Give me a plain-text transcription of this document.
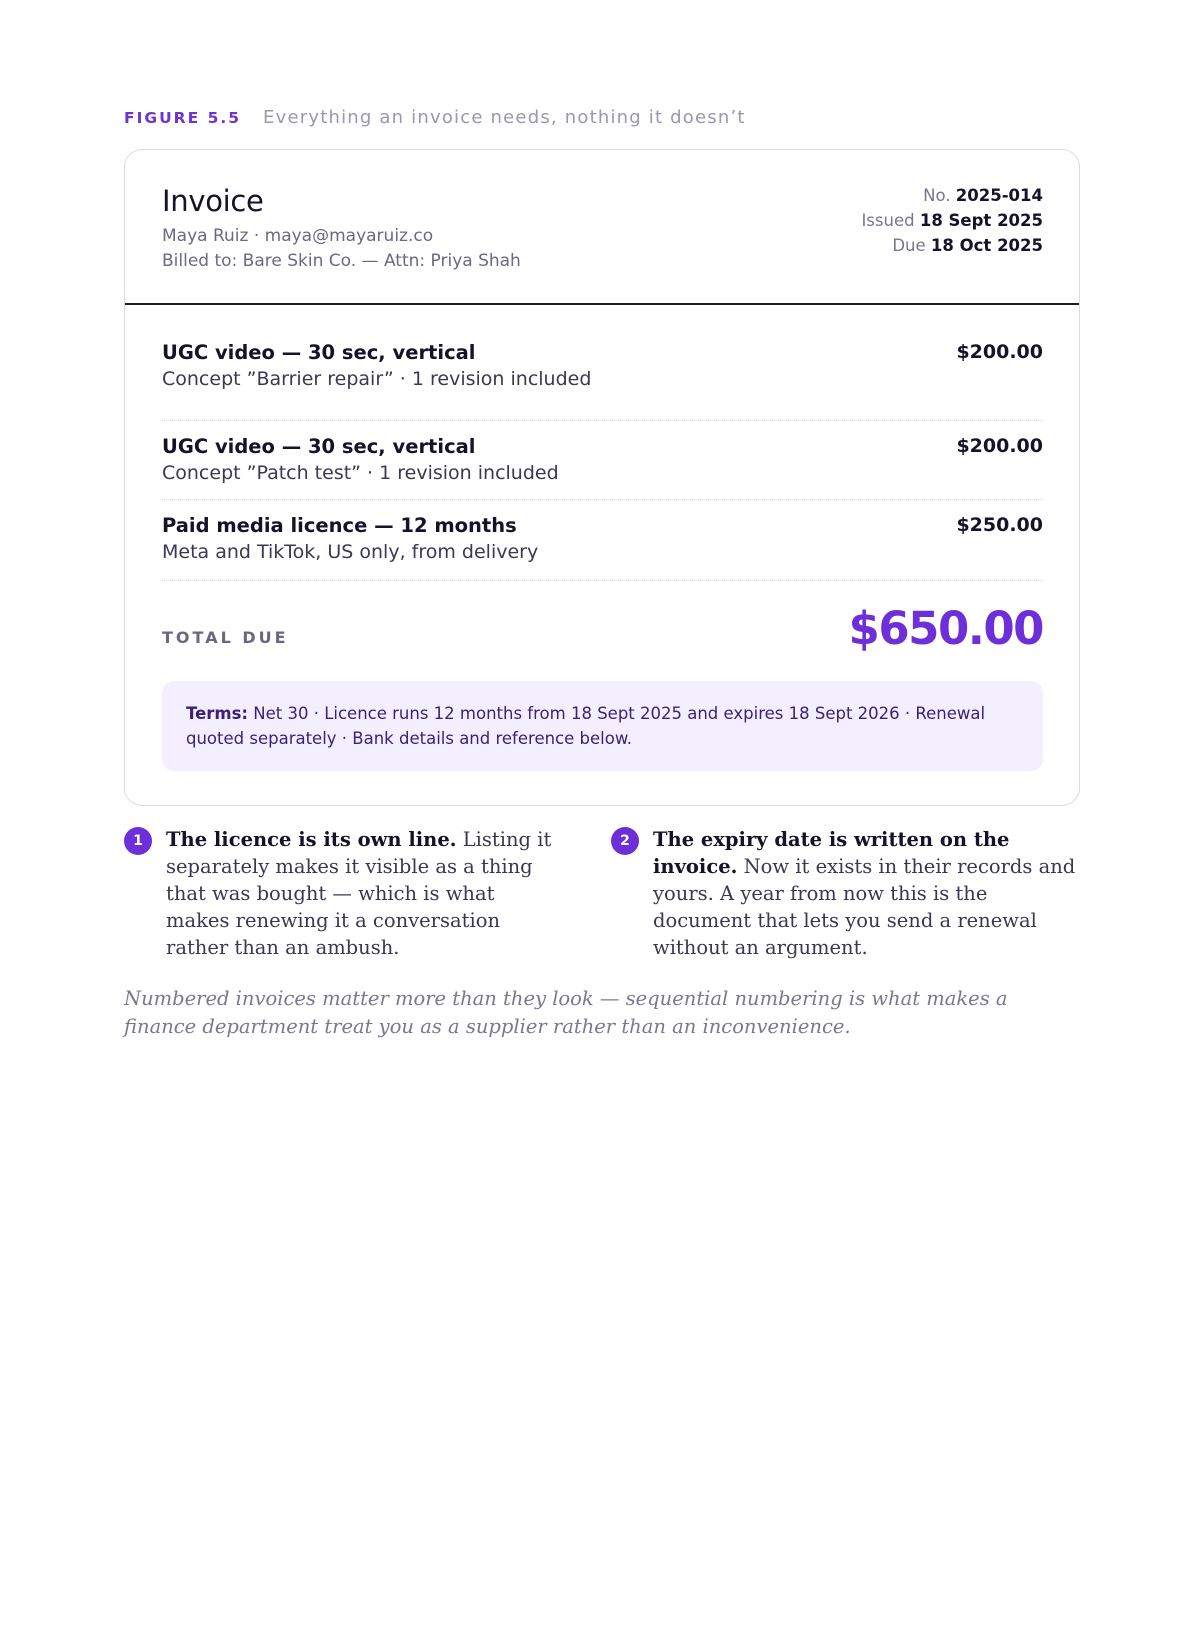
FIGURE 5.5 Everything an invoice needs, nothing it doesn’t
Invoice
Maya Ruiz · maya@mayaruiz.co
Billed to: Bare Skin Co. — Attn: Priya Shah
No. 2025-014
Issued 18 Sept 2025
Due 18 Oct 2025
UGC video — 30 sec, vertical
Concept ”Barrier repair” · 1 revision included
$200.00
UGC video — 30 sec, vertical
Concept ”Patch test” · 1 revision included
$200.00
Paid media licence — 12 months
Meta and TikTok, US only, from delivery
$250.00
TOTAL DUE	$650.00
Terms: Net 30 · Licence runs 12 months from 18 Sept 2025 and expires 18 Sept 2026 · Renewal quoted separately · Bank details and reference below.
1	The licence is its own line. Listing it separately makes it visible as a thing that was bought — which is what makes renewing it a conversation rather than an ambush.
2	The expiry date is written on the invoice. Now it exists in their records and yours. A year from now this is the document that lets you send a renewal without an argument.
Numbered invoices matter more than they look — sequential numbering is what makes a finance department treat you as a supplier rather than an inconvenience.
